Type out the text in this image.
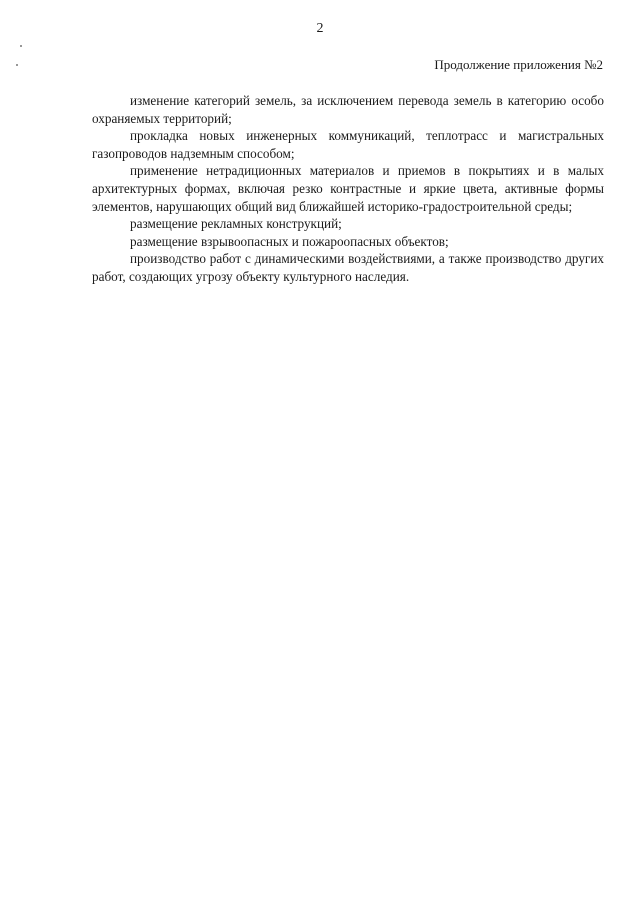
2
Продолжение приложения №2

изменение категорий земель, за исключением перевода земель в категорию особо охраняемых территорий;

прокладка новых инженерных коммуникаций, теплотрасс и магистральных газопроводов надземным способом;

применение нетрадиционных материалов и приемов в покрытиях и в малых архитектурных формах, включая резко контрастные и яркие цвета, активные формы элементов, нарушающих общий вид ближайшей историко-градостроительной среды;

размещение рекламных конструкций;

размещение взрывоопасных и пожароопасных объектов;

производство работ с динамическими воздействиями, а также производство других работ, создающих угрозу объекту культурного наследия.
